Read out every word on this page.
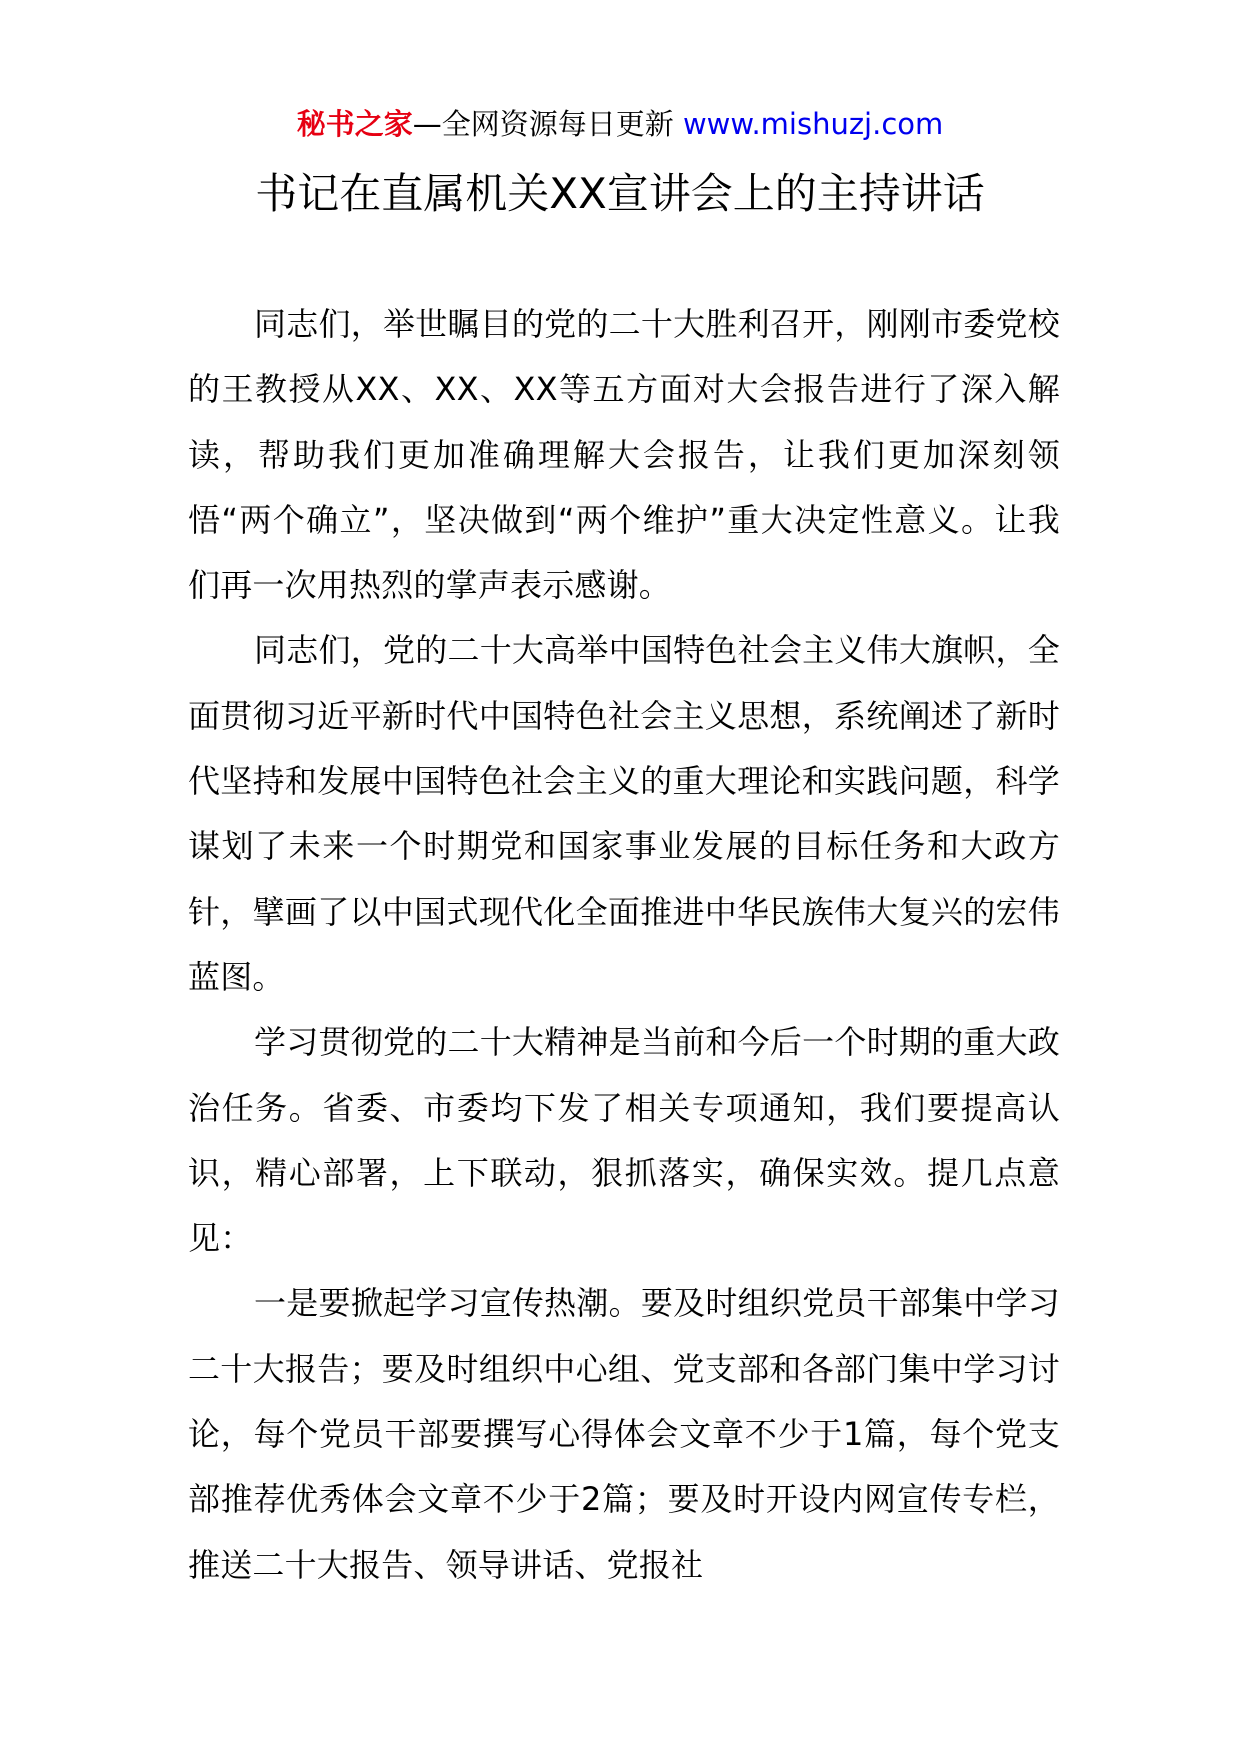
秘书之家—全网资源每日更新 www.mishuzj.com
书记在直属机关XX宣讲会上的主持讲话

同志们，举世瞩目的党的二十大胜利召开，刚刚市委党校的王教授从XX、XX、XX等五方面对大会报告进行了深入解读，帮助我们更加准确理解大会报告，让我们更加深刻领悟“两个确立”，坚决做到“两个维护”重大决定性意义。让我们再一次用热烈的掌声表示感谢。

同志们，党的二十大高举中国特色社会主义伟大旗帜，全面贯彻习近平新时代中国特色社会主义思想，系统阐述了新时代坚持和发展中国特色社会主义的重大理论和实践问题，科学谋划了未来一个时期党和国家事业发展的目标任务和大政方针，擘画了以中国式现代化全面推进中华民族伟大复兴的宏伟蓝图。

学习贯彻党的二十大精神是当前和今后一个时期的重大政治任务。省委、市委均下发了相关专项通知，我们要提高认识，精心部署，上下联动，狠抓落实，确保实效。提几点意见：

一是要掀起学习宣传热潮。要及时组织党员干部集中学习二十大报告；要及时组织中心组、党支部和各部门集中学习讨论，每个党员干部要撰写心得体会文章不少于1篇，每个党支部推荐优秀体会文章不少于2篇；要及时开设内网宣传专栏，推送二十大报告、领导讲话、党报社
